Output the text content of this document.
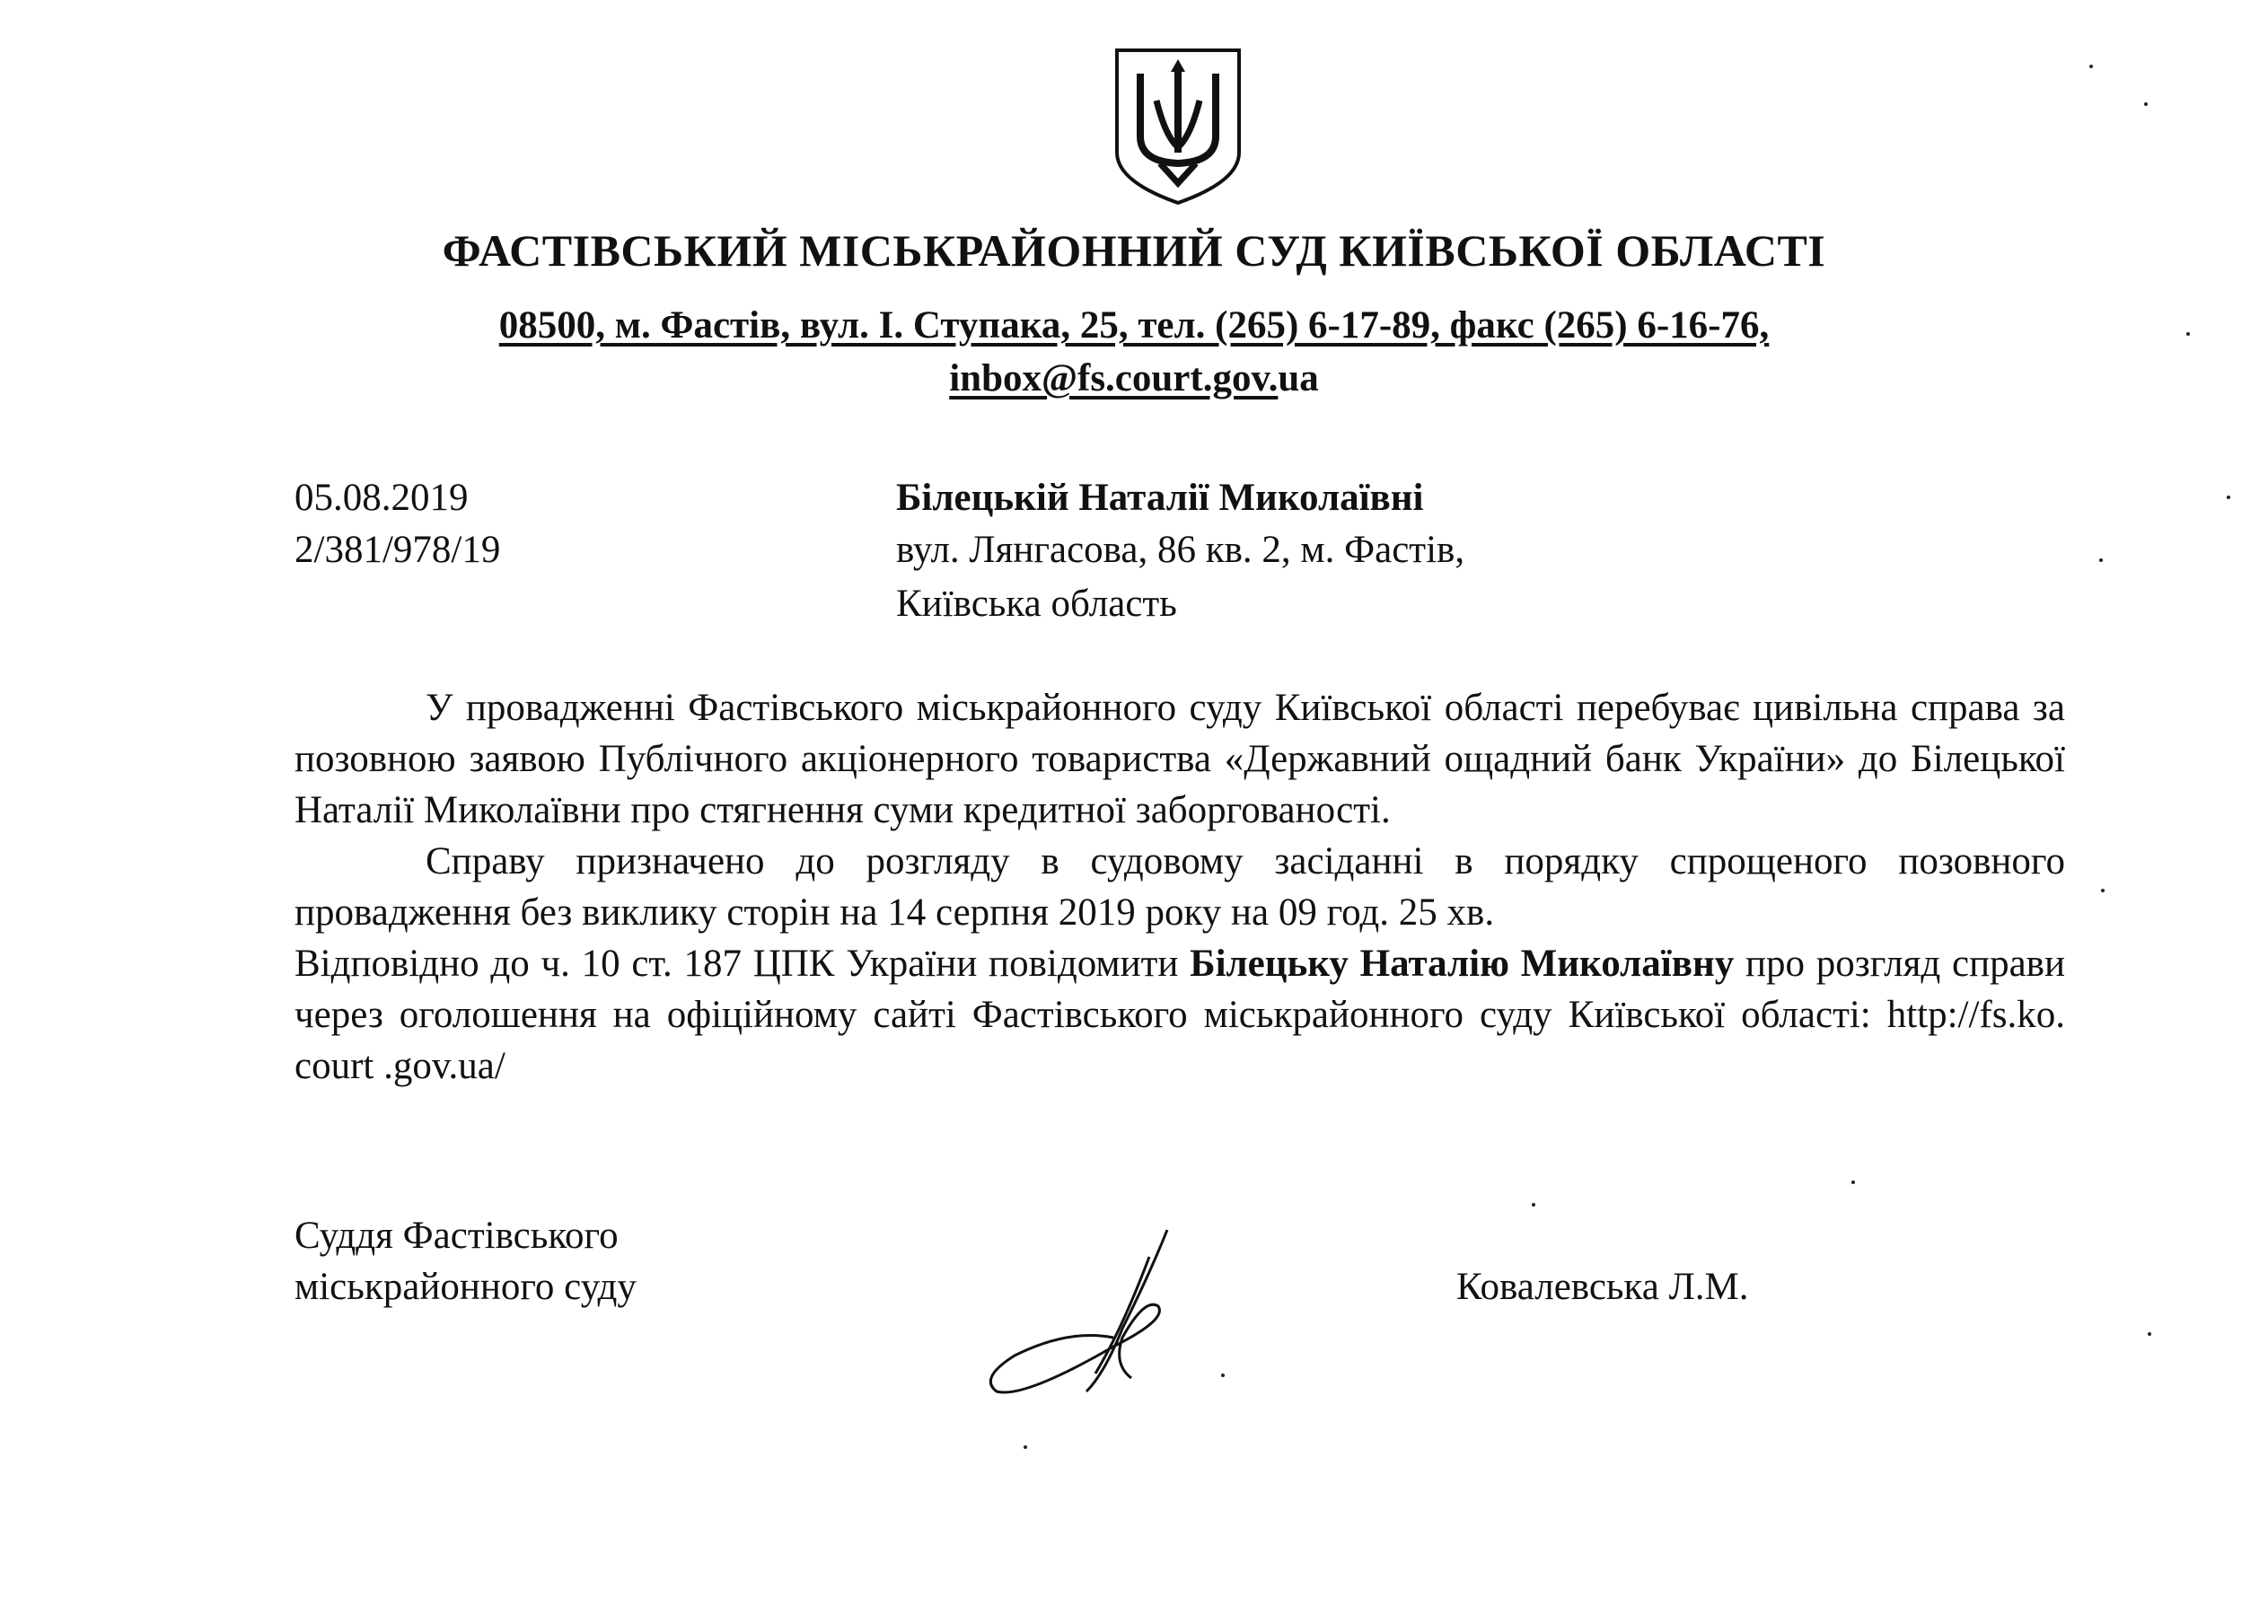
ФАСТІВСЬКИЙ МІСЬКРАЙОННИЙ СУД КИЇВСЬКОЇ ОБЛАСТІ
08500, м. Фастів, вул. І. Ступака, 25, тел. (265) 6-17-89, факс (265) 6-16-76,
inbox@fs.court.gov.ua
05.08.2019
2/381/978/19
Білецькій Наталії Миколаївні
вул. Лянгасова, 86 кв. 2, м. Фастів,
Київська область

У провадженні Фастівського міськрайонного суду Київської області перебуває цивільна справа за позовною заявою Публічного акціонерного товариства «Державний ощадний банк України» до Білецької Наталії Миколаївни про стягнення суми кредитної заборгованості.

Справу призначено до розгляду в судовому засіданні в порядку спрощеного позовного провадження без виклику сторін на 14 серпня 2019 року на 09 год. 25 хв.

Відповідно до ч. 10 ст. 187 ЦПК України повідомити Білецьку Наталію Миколаївну про розгляд справи через оголошення на офіційному сайті Фастівського міськрайонного суду Київської області: http://fs.ko. court .gov.ua/
Суддя Фастівського
міськрайонного суду	Ковалевська Л.М.
